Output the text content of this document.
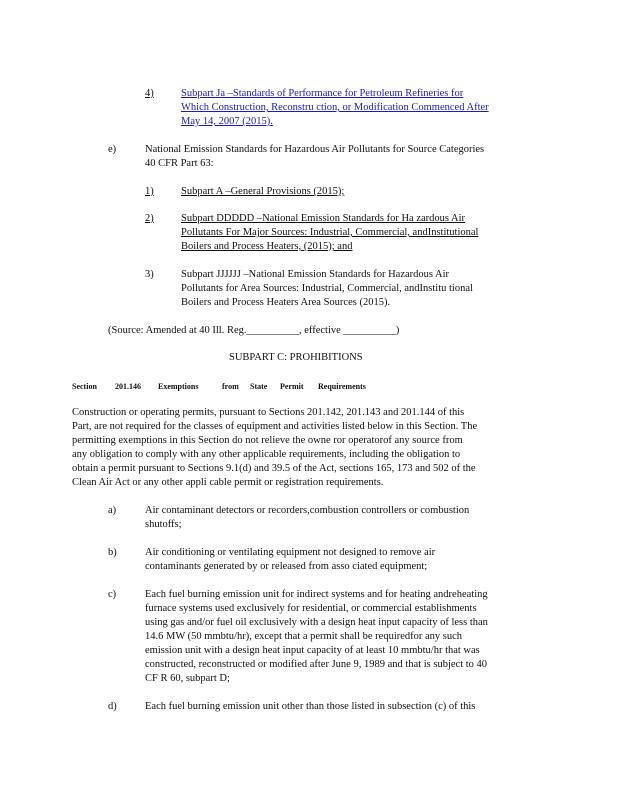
4)	Subpart Ja –Standards of Performance for Petroleum Refineries for
Which Construction, Reconstru ction, or Modification Commenced After
May 14, 2007 (2015).
e)	National Emission Standards for Hazardous Air Pollutants for Source Categories
40 CFR Part 63:
1)	Subpart A –General Provisions (2015);
2)	Subpart DDDDD –National Emission Standards for Ha zardous Air
Pollutants For Major Sources: Industrial, Commercial, andInstitutional
Boilers and Process Heaters, (2015); and
3)	Subpart JJJJJJ –National Emission Standards for Hazardous Air
Pollutants for Area Sources: Industrial, Commercial, andInstitu tional
Boilers and Process Heaters Area Sources (2015).
(Source: Amended at 40 Ill. Reg.__________, effective __________)
SUBPART C: PROHIBITIONS
Section 201.146 Exemptions	from State Permit Requirements
Construction or operating permits, pursuant to Sections 201.142, 201.143 and 201.144 of this
Part, are not required for the classes of equipment and activities listed below in this Section. The
permitting exemptions in this Section do not relieve the owne ror operatorof any source from
any obligation to comply with any other applicable requirements, including the obligation to
obtain a permit pursuant to Sections 9.1(d) and 39.5 of the Act, sections 165, 173 and 502 of the
Clean Air Act or any other appli cable permit or registration requirements.
a)	Air contaminant detectors or recorders,combustion controllers or combustion
shutoffs;
b)	Air conditioning or ventilating equipment not designed to remove air
contaminants generated by or released from asso ciated equipment;
c)	Each fuel burning emission unit for indirect systems and for heating andreheating
furnace systems used exclusively for residential, or commercial establishments
using gas and/or fuel oil exclusively with a design heat input capacity of less than
14.6 MW (50 mmbtu/hr), except that a permit shall be requiredfor any such
emission unit with a design heat input capacity of at least 10 mmbtu/hr that was
constructed, reconstructed or modified after June 9, 1989 and that is subject to 40
CF R 60, subpart D;
d)	Each fuel burning emission unit other than those listed in subsection (c) of this
